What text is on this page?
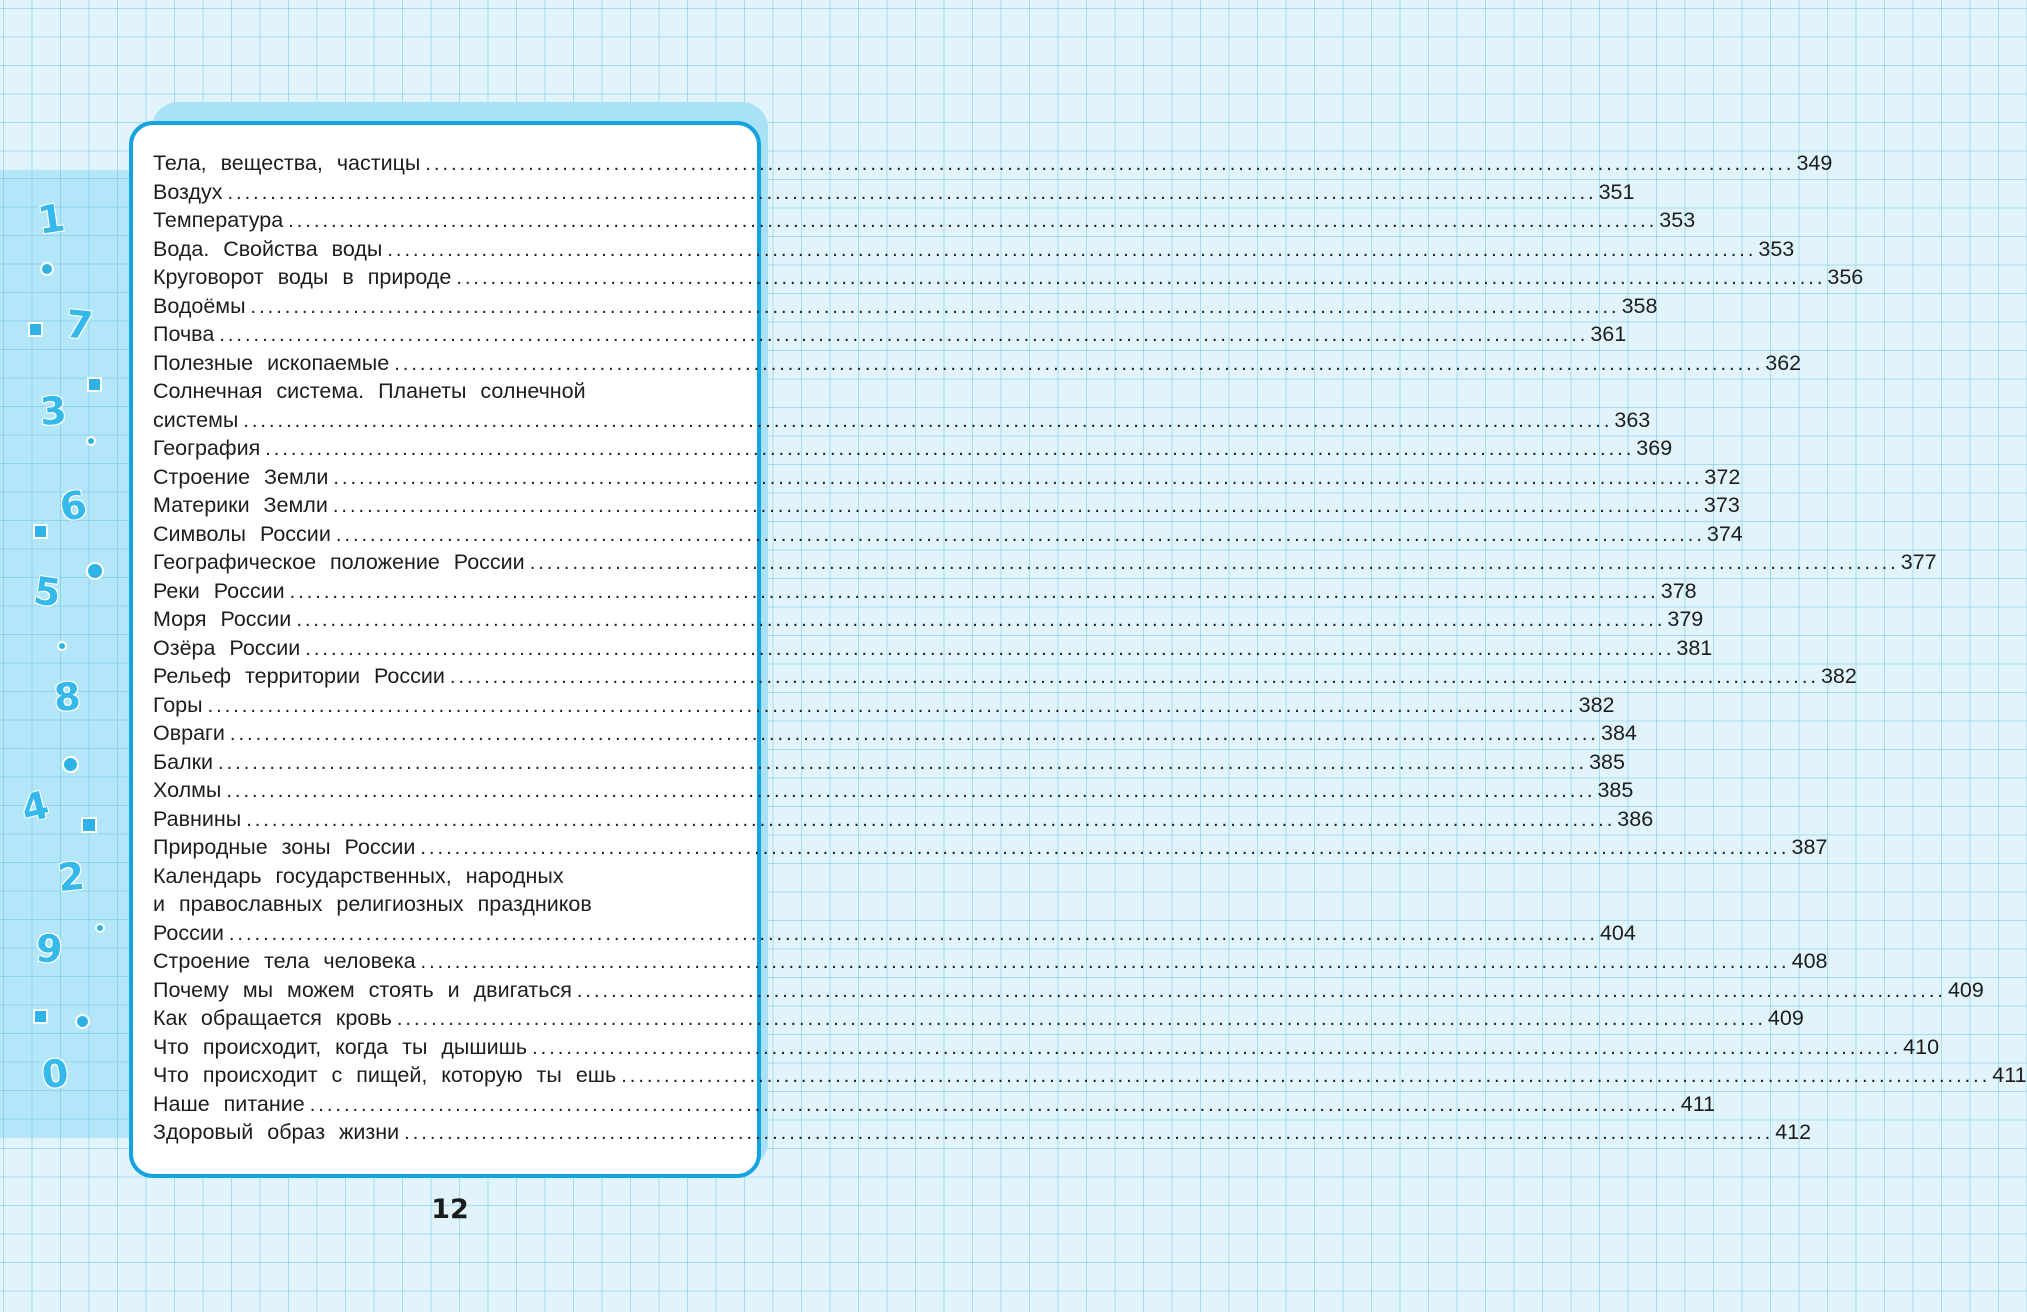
1
7
3
6
5
8
4
2
9
0
Тела, вещества, частицы ................................................................................................................................................................ 349
Воздух ................................................................................................................................................................ 351
Температура ................................................................................................................................................................ 353
Вода. Свойства воды ................................................................................................................................................................ 353
Круговорот воды в природе ................................................................................................................................................................ 356
Водоёмы ................................................................................................................................................................ 358
Почва ................................................................................................................................................................ 361
Полезные ископаемые ................................................................................................................................................................ 362
Солнечная система. Планеты солнечной
системы ................................................................................................................................................................ 363
География ................................................................................................................................................................ 369
Строение Земли ................................................................................................................................................................ 372
Материки Земли ................................................................................................................................................................ 373
Символы России ................................................................................................................................................................ 374
Географическое положение России ................................................................................................................................................................ 377
Реки России ................................................................................................................................................................ 378
Моря России ................................................................................................................................................................ 379
Озёра России ................................................................................................................................................................ 381
Рельеф территории России ................................................................................................................................................................ 382
Горы ................................................................................................................................................................ 382
Овраги ................................................................................................................................................................ 384
Балки ................................................................................................................................................................ 385
Холмы ................................................................................................................................................................ 385
Равнины ................................................................................................................................................................ 386
Природные зоны России ................................................................................................................................................................ 387
Календарь государственных, народных
и православных религиозных праздников
России ................................................................................................................................................................ 404
Строение тела человека ................................................................................................................................................................ 408
Почему мы можем стоять и двигаться ................................................................................................................................................................ 409
Как обращается кровь ................................................................................................................................................................ 409
Что происходит, когда ты дышишь ................................................................................................................................................................ 410
Что происходит с пищей, которую ты ешь ................................................................................................................................................................ 411
Наше питание ................................................................................................................................................................ 411
Здоровый образ жизни ................................................................................................................................................................ 412
12
